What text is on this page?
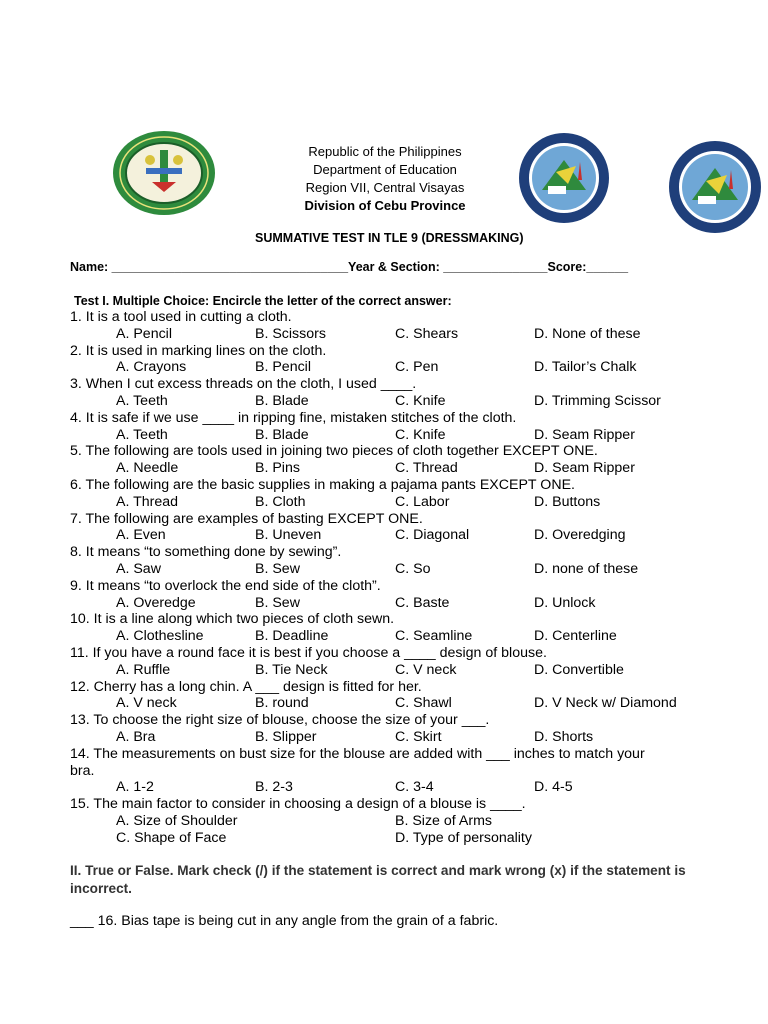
Republic of the Philippines
Department of Education
Region VII, Central Visayas
Division of Cebu Province
SUMMATIVE TEST IN TLE 9 (DRESSMAKING)
Name: __________________________________Year & Section: _______________Score:______
Test I. Multiple Choice: Encircle the letter of the correct answer:
1. It is a tool used in cutting a cloth.
A. Pencil	B. Scissors	C. Shears	D. None of these
2. It is used in marking lines on the cloth.
A. Crayons	B. Pencil	C. Pen	D. Tailor’s Chalk
3. When I cut excess threads on the cloth, I used ____.
A. Teeth	B. Blade	C. Knife	D. Trimming Scissor
4. It is safe if we use ____ in ripping fine, mistaken stitches of the cloth.
A. Teeth	B. Blade	C. Knife	D. Seam Ripper
5. The following are tools used in joining two pieces of cloth together EXCEPT ONE.
A. Needle	B. Pins	C. Thread	D. Seam Ripper
6. The following are the basic supplies in making a pajama pants EXCEPT ONE.
A. Thread	B. Cloth	C. Labor	D. Buttons
7. The following are examples of basting EXCEPT ONE.
A. Even	B. Uneven	C. Diagonal	D. Overedging
8. It means “to something done by sewing”.
A. Saw	B. Sew	C. So	D. none of these
9. It means “to overlock the end side of the cloth”.
A. Overedge	B. Sew	C. Baste	D. Unlock
10. It is a line along which two pieces of cloth sewn.
A. Clothesline	B. Deadline	C. Seamline	D. Centerline
11. If you have a round face it is best if you choose a ____ design of blouse.
A. Ruffle	B. Tie Neck	C. V neck	D. Convertible
12. Cherry has a long chin. A ___ design is fitted for her.
A. V neck	B. round	C. Shawl	D. V Neck w/ Diamond
13. To choose the right size of blouse, choose the size of your ___.
A. Bra	B. Slipper	C. Skirt	D. Shorts
14. The measurements on bust size for the blouse are added with ___ inches to match your
bra.
A. 1-2	B. 2-3	C. 3-4	D. 4-5
15. The main factor to consider in choosing a design of a blouse is ____.
A. Size of Shoulder	B. Size of Arms
C. Shape of Face	D. Type of personality
II. True or False. Mark check (/) if the statement is correct and mark wrong (x) if the statement is incorrect.
___ 16. Bias tape is being cut in any angle from the grain of a fabric.
